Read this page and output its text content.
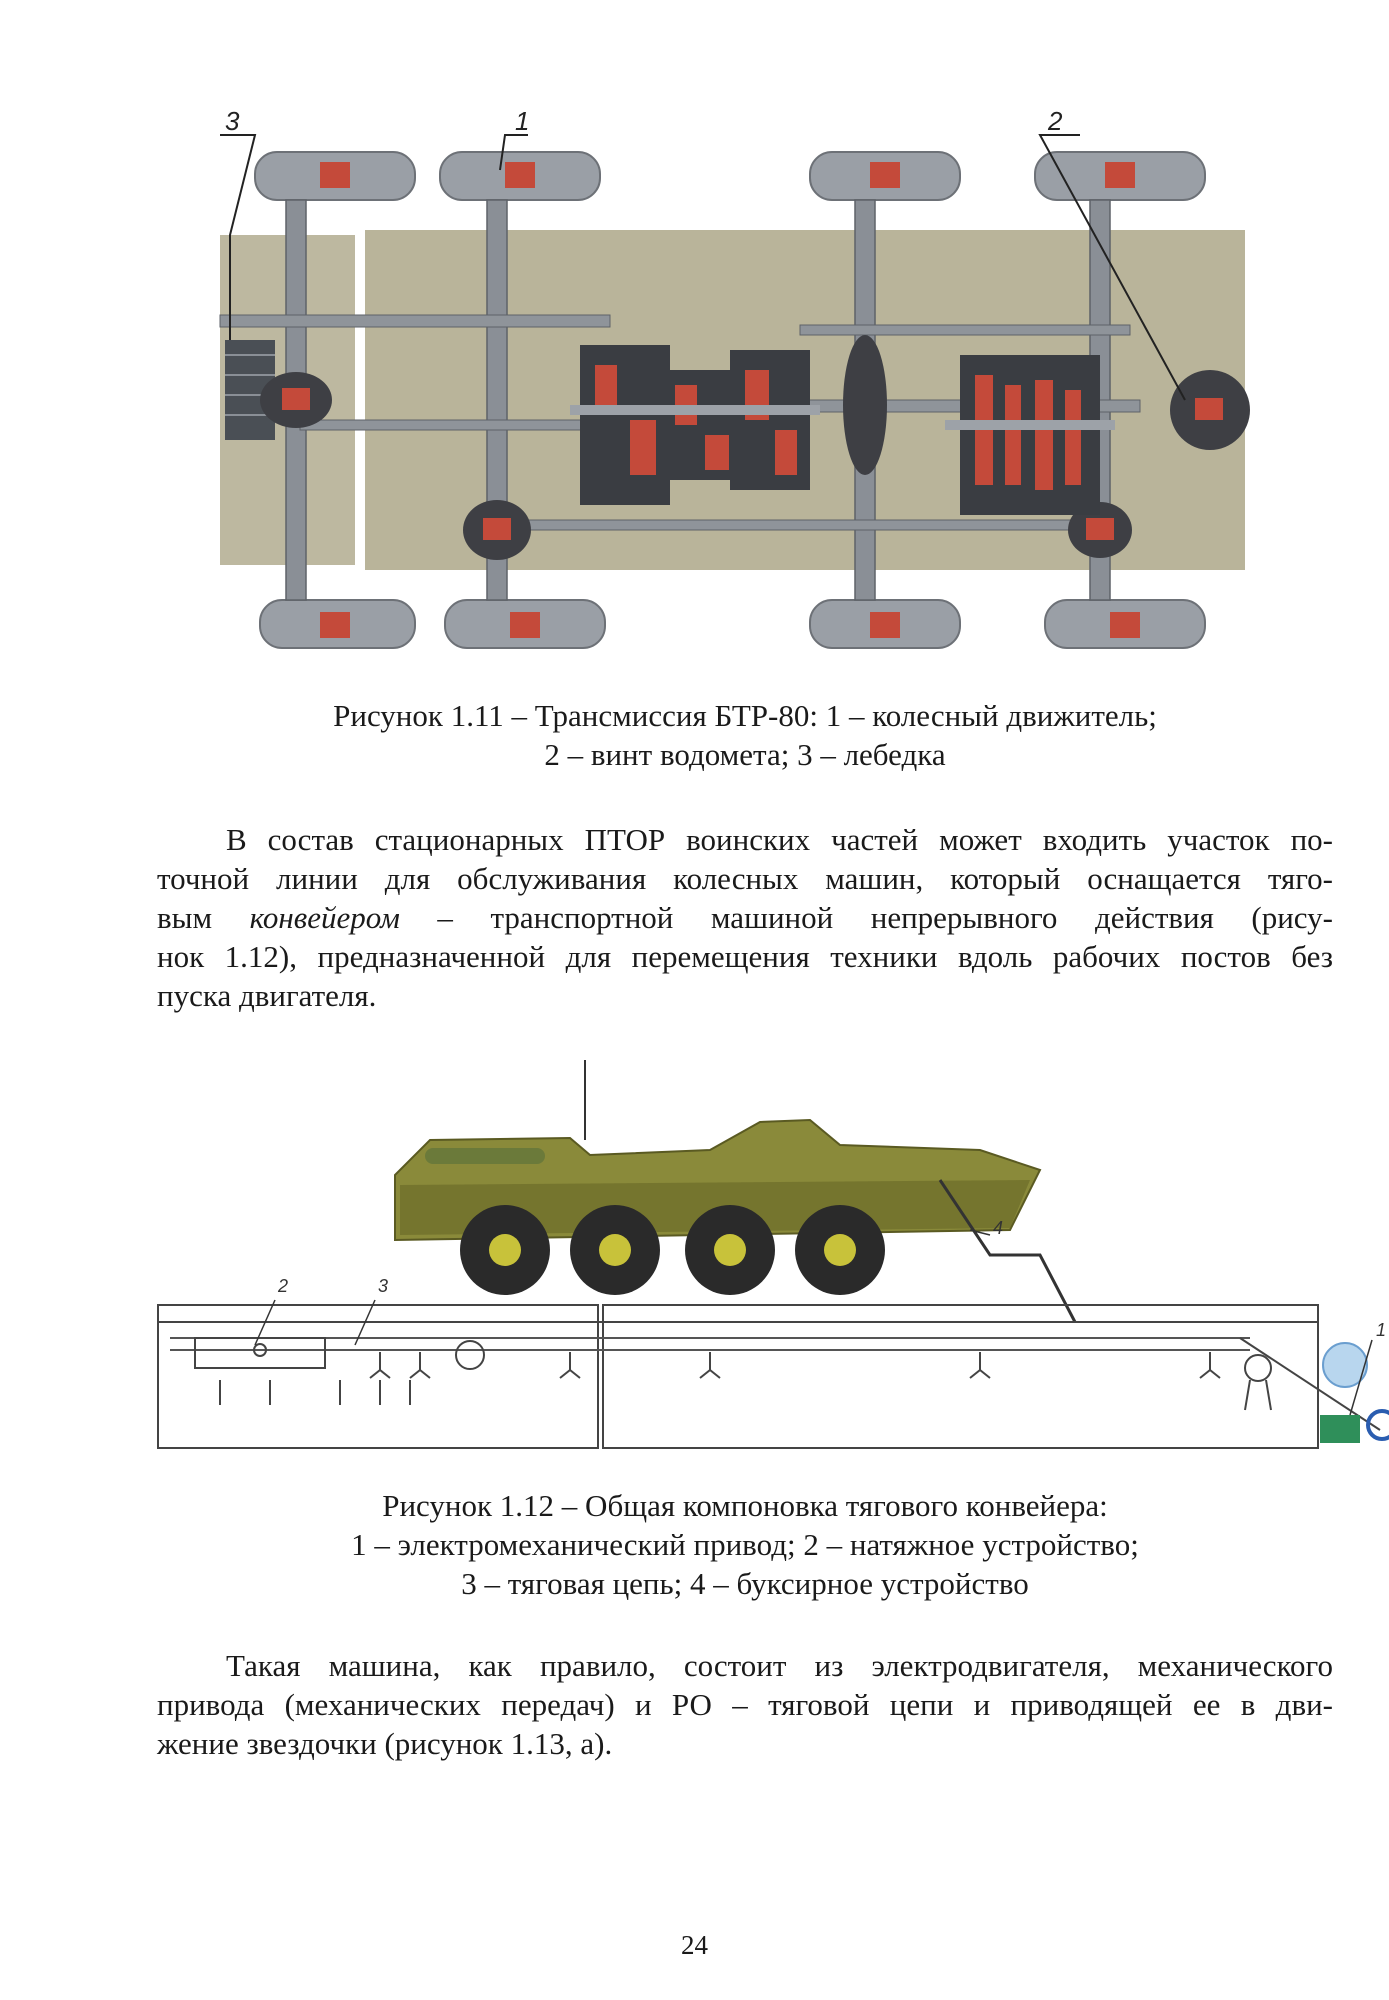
3	1	2
Рисунок 1.11 – Трансмиссия БТР-80: 1 – колесный движитель;
2 – винт водомета; 3 – лебедка
В состав стационарных ПТОР воинских частей может входить участок по-
точной линии для обслуживания колесных машин, который оснащается тяго-
вым конвейером – транспортной машиной непрерывного действия (рису-
нок 1.12), предназначенной для перемещения техники вдоль рабочих постов без
пуска двигателя.
2	3
4
1
Рисунок 1.12 – Общая компоновка тягового конвейера:
1 – электромеханический привод; 2 – натяжное устройство;
3 – тяговая цепь; 4 – буксирное устройство
Такая машина, как правило, состоит из электродвигателя, механического
привода (механических передач) и РО – тяговой цепи и приводящей ее в дви-
жение звездочки (рисунок 1.13, а).
24
